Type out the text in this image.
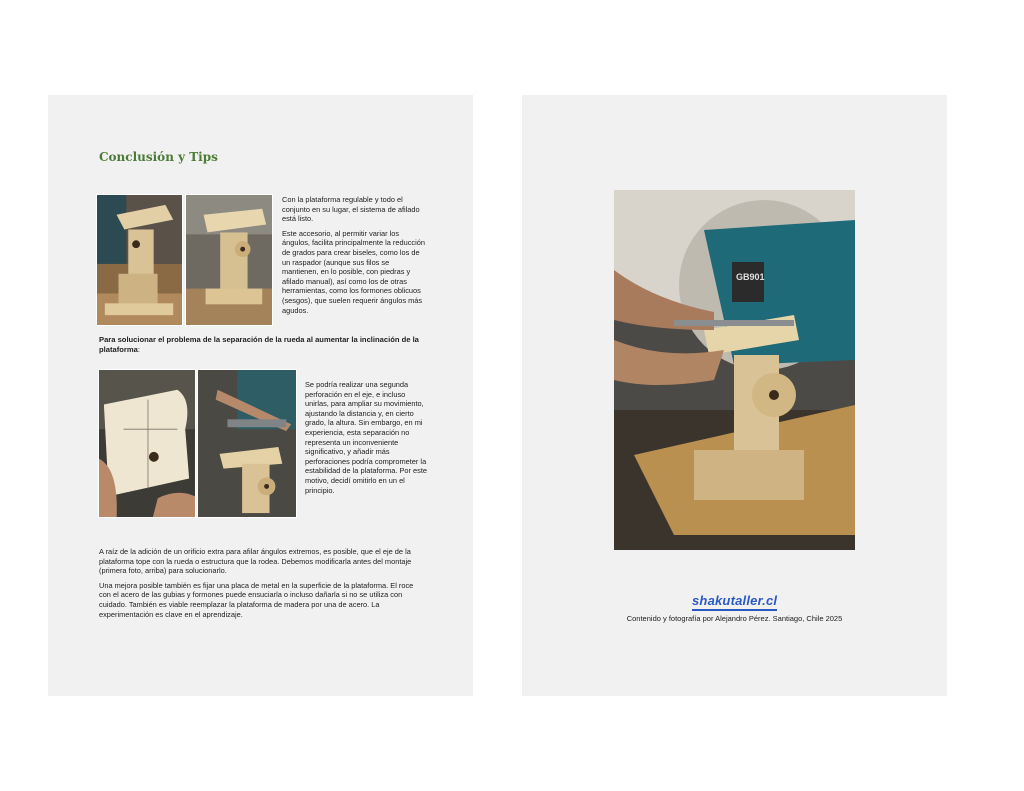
Conclusión y Tips

Con la plataforma regulable y todo el conjunto en su lugar, el sistema de afilado está listo.

Este accesorio, al permitir variar los ángulos, facilita principalmente la reducción de grados para crear biseles, como los de un raspador (aunque sus filos se mantienen, en lo posible, con piedras y afilado manual), así como los de otras herramientas, como los formones oblicuos (sesgos), que suelen requerir ángulos más agudos.

Para solucionar el problema de la separación de la rueda al aumentar la inclinación de la plataforma:

Se podría realizar una segunda perforación en el eje, e incluso unirlas, para ampliar su movimiento, ajustando la distancia y, en cierto grado, la altura. Sin embargo, en mi experiencia, esta separación no representa un inconveniente significativo, y añadir más perforaciones podría comprometer la estabilidad de la plataforma. Por este motivo, decidí omitirlo en un el principio.

A raíz de la adición de un orificio extra para afilar ángulos extremos, es posible, que el eje de la plataforma tope con la rueda o estructura que la rodea. Debemos modificarla antes del montaje (primera foto, arriba) para solucionarlo.

Una mejora posible también es fijar una placa de metal en la superficie de la plataforma. El roce con el acero de las gubias y formones puede ensuciarla o incluso dañarla si no se utiliza con cuidado. También es viable reemplazar la plataforma de madera por una de acero. La experimentación es clave en el aprendizaje.

GB901
shakutaller.cl
Contenido y fotografía por Alejandro Pérez. Santiago, Chile 2025
